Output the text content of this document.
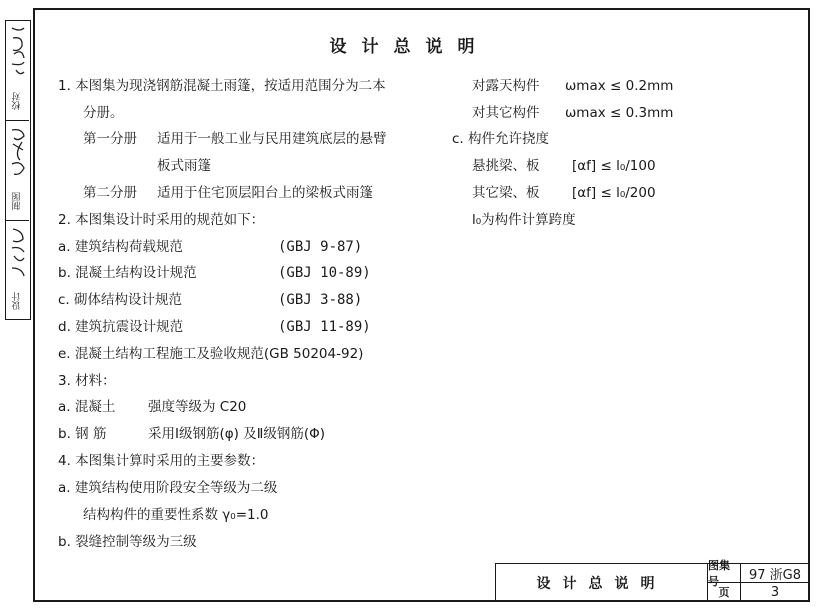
设计
制图
校对
设计总说明
1. 本图集为现浇钢筋混凝土雨篷，按适用范围分为二本
分册。
第一分册 适用于一般工业与民用建筑底层的悬臂
板式雨篷
第二分册 适用于住宅顶层阳台上的梁板式雨篷
2. 本图集设计时采用的规范如下：
a. 建筑结构荷载规范	(GBJ 9-87)
b. 混凝土结构设计规范	(GBJ 10-89)
c. 砌体结构设计规范	(GBJ 3-88)
d. 建筑抗震设计规范	(GBJ 11-89)
e. 混凝土结构工程施工及验收规范(GB 50204-92)
3. 材料：
a. 混凝土 强度等级为 C20
b. 钢 筋	采用Ⅰ级钢筋(φ) 及Ⅱ级钢筋(Φ)
4. 本图集计算时采用的主要参数：
a. 建筑结构使用阶段安全等级为二级
结构构件的重要性系数 γ₀=1.0
b. 裂缝控制等级为三级
对露天构件 ωmax ≤ 0.2mm
对其它构件 ωmax ≤ 0.3mm
c. 构件允许挠度
悬挑梁、板 [αf] ≤ l₀/100
其它梁、板 [αf] ≤ l₀/200
l₀为构件计算跨度
设计总说明
图集号	97 浙G8
页	3
